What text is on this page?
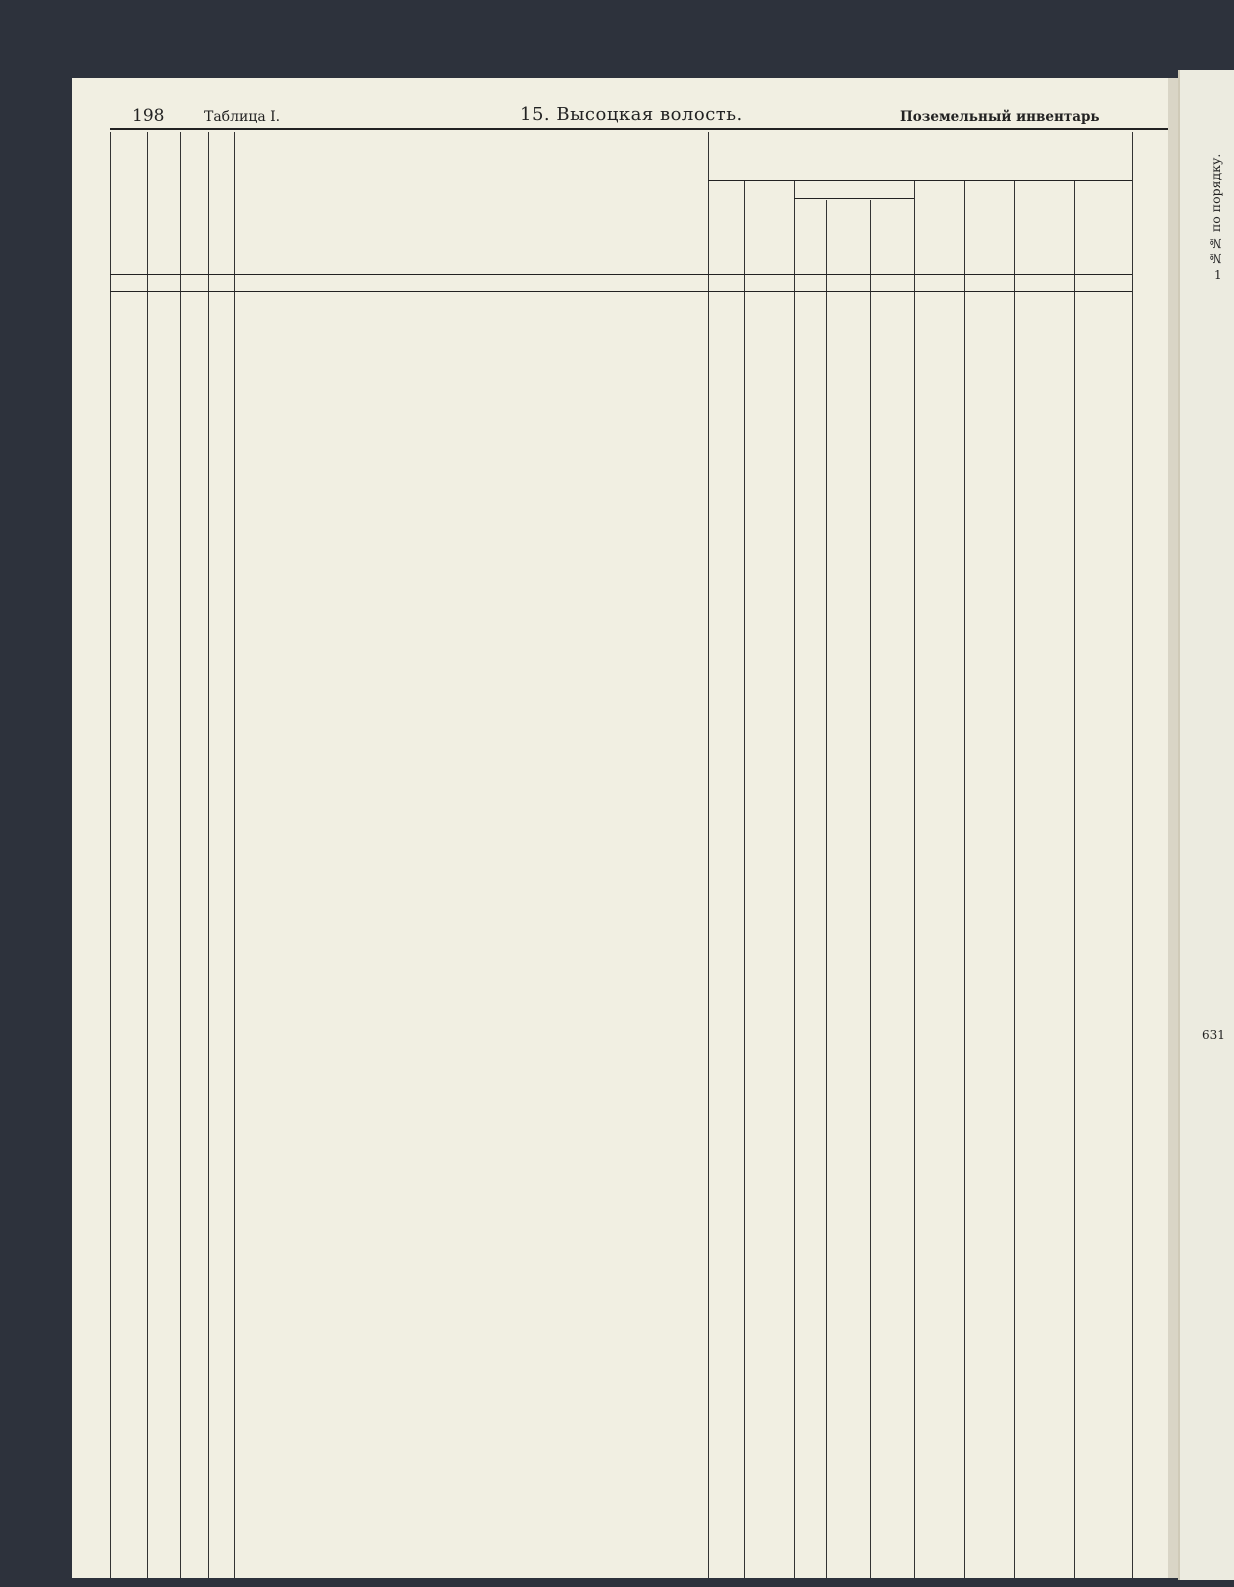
№№ по порядку.
1
631
198	Таблица I.	15. Высоцкая волость.	Поземельный инвентарь
